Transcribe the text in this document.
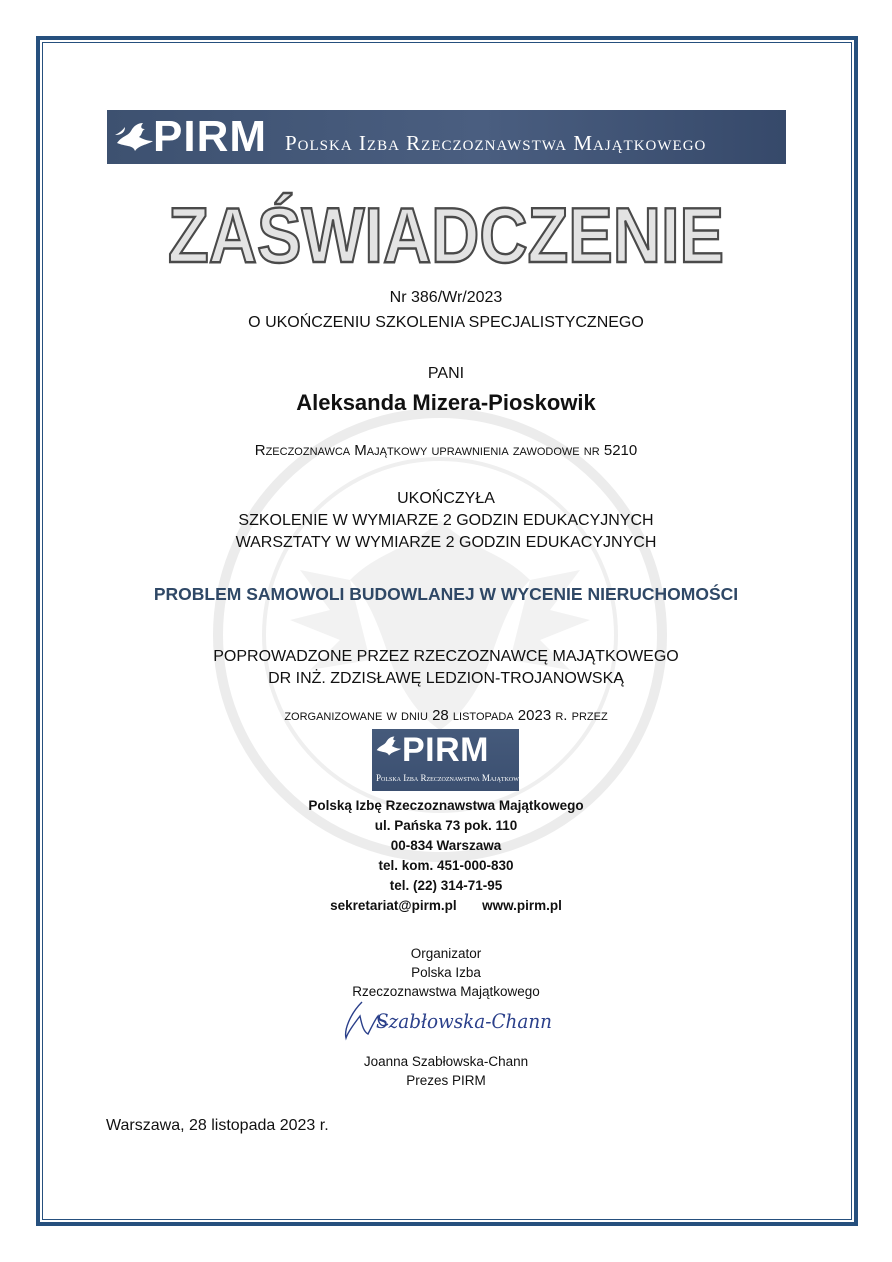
PIRM Polska Izba Rzeczoznawstwa Majątkowego
ZAŚWIADCZENIE
Nr 386/Wr/2023
O UKOŃCZENIU SZKOLENIA SPECJALISTYCZNEGO
PANI
Aleksanda Mizera-Pioskowik
Rzeczoznawca Majątkowy uprawnienia zawodowe nr 5210
UKOŃCZYŁA
SZKOLENIE W WYMIARZE 2 GODZIN EDUKACYJNYCH
WARSZTATY W WYMIARZE 2 GODZIN EDUKACYJNYCH
PROBLEM SAMOWOLI BUDOWLANEJ W WYCENIE NIERUCHOMOŚCI
POPROWADZONE PRZEZ RZECZOZNAWCĘ MAJĄTKOWEGO
DR INŻ. ZDZISŁAWĘ LEDZION-TROJANOWSKĄ
zorganizowane w dniu 28 listopada 2023 r. przez
PIRM
Polska Izba Rzeczoznawstwa Majątkowego
Polską Izbę Rzeczoznawstwa Majątkowego
ul. Pańska 73 pok. 110
00-834 Warszawa
tel. kom. 451-000-830
tel. (22) 314-71-95
sekretariat@pirm.pl www.pirm.pl
Organizator
Polska Izba
Rzeczoznawstwa Majątkowego
Szabłowska-Chann
Joanna Szabłowska-Chann
Prezes PIRM
Warszawa, 28 listopada 2023 r.
